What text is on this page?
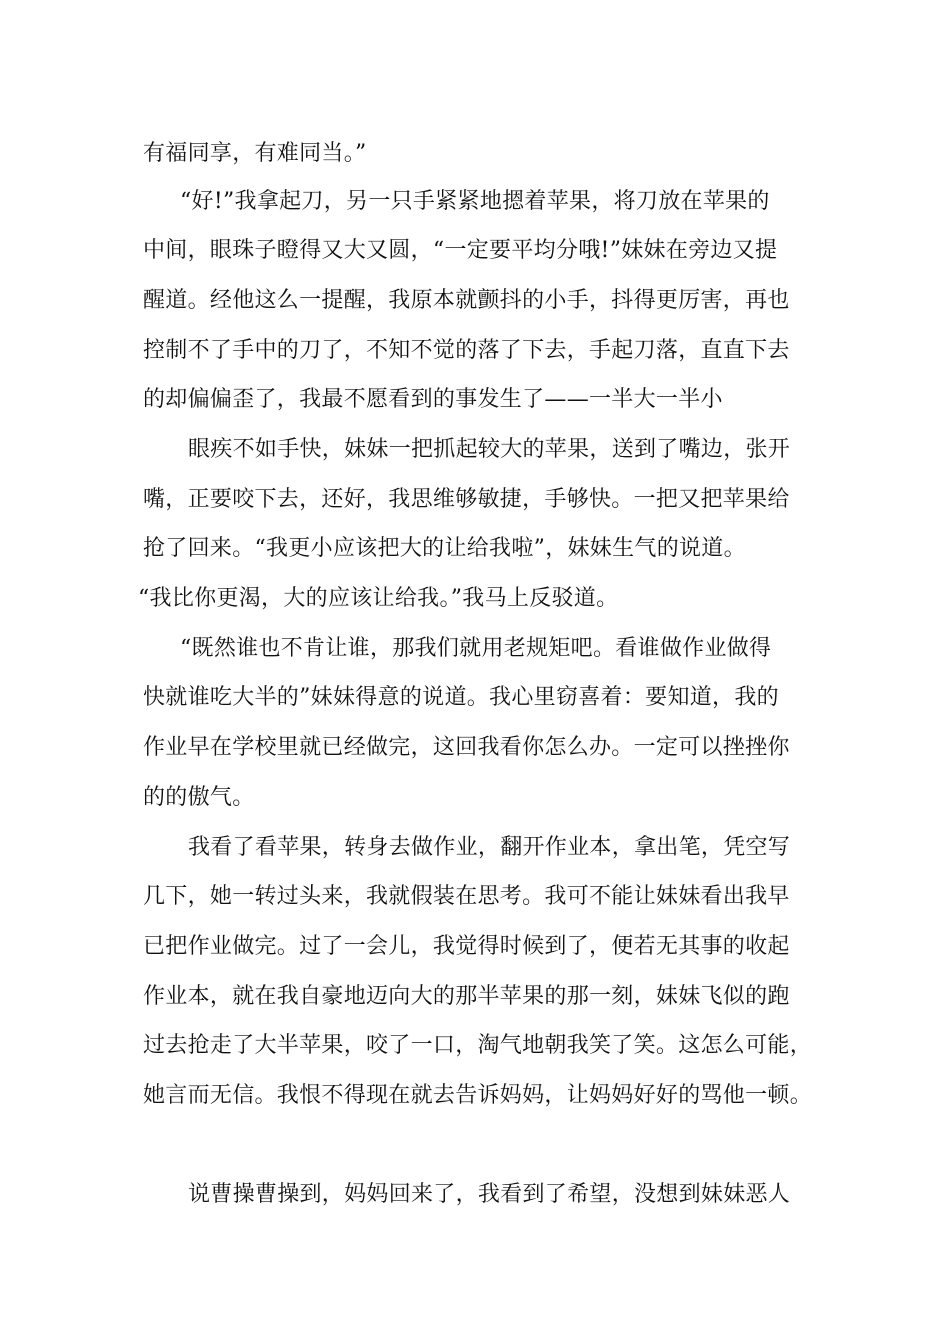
有福同享，有难同当。”
“好!”我拿起刀，另一只手紧紧地摁着苹果，将刀放在苹果的
中间，眼珠子瞪得又大又圆，“一定要平均分哦!”妹妹在旁边又提
醒道。经他这么一提醒，我原本就颤抖的小手，抖得更厉害，再也
控制不了手中的刀了，不知不觉的落了下去，手起刀落，直直下去
的却偏偏歪了，我最不愿看到的事发生了——一半大一半小
眼疾不如手快，妹妹一把抓起较大的苹果，送到了嘴边，张开
嘴，正要咬下去，还好，我思维够敏捷，手够快。一把又把苹果给
抢了回来。“我更小应该把大的让给我啦”，妹妹生气的说道。
“我比你更渴，大的应该让给我。”我马上反驳道。
“既然谁也不肯让谁，那我们就用老规矩吧。看谁做作业做得
快就谁吃大半的”妹妹得意的说道。我心里窃喜着：要知道，我的
作业早在学校里就已经做完，这回我看你怎么办。一定可以挫挫你
的的傲气。
我看了看苹果，转身去做作业，翻开作业本，拿出笔，凭空写
几下，她一转过头来，我就假装在思考。我可不能让妹妹看出我早
已把作业做完。过了一会儿，我觉得时候到了，便若无其事的收起
作业本，就在我自豪地迈向大的那半苹果的那一刻，妹妹飞似的跑
过去抢走了大半苹果，咬了一口，淘气地朝我笑了笑。这怎么可能，
她言而无信。我恨不得现在就去告诉妈妈，让妈妈好好的骂他一顿。
说曹操曹操到，妈妈回来了，我看到了希望，没想到妹妹恶人
